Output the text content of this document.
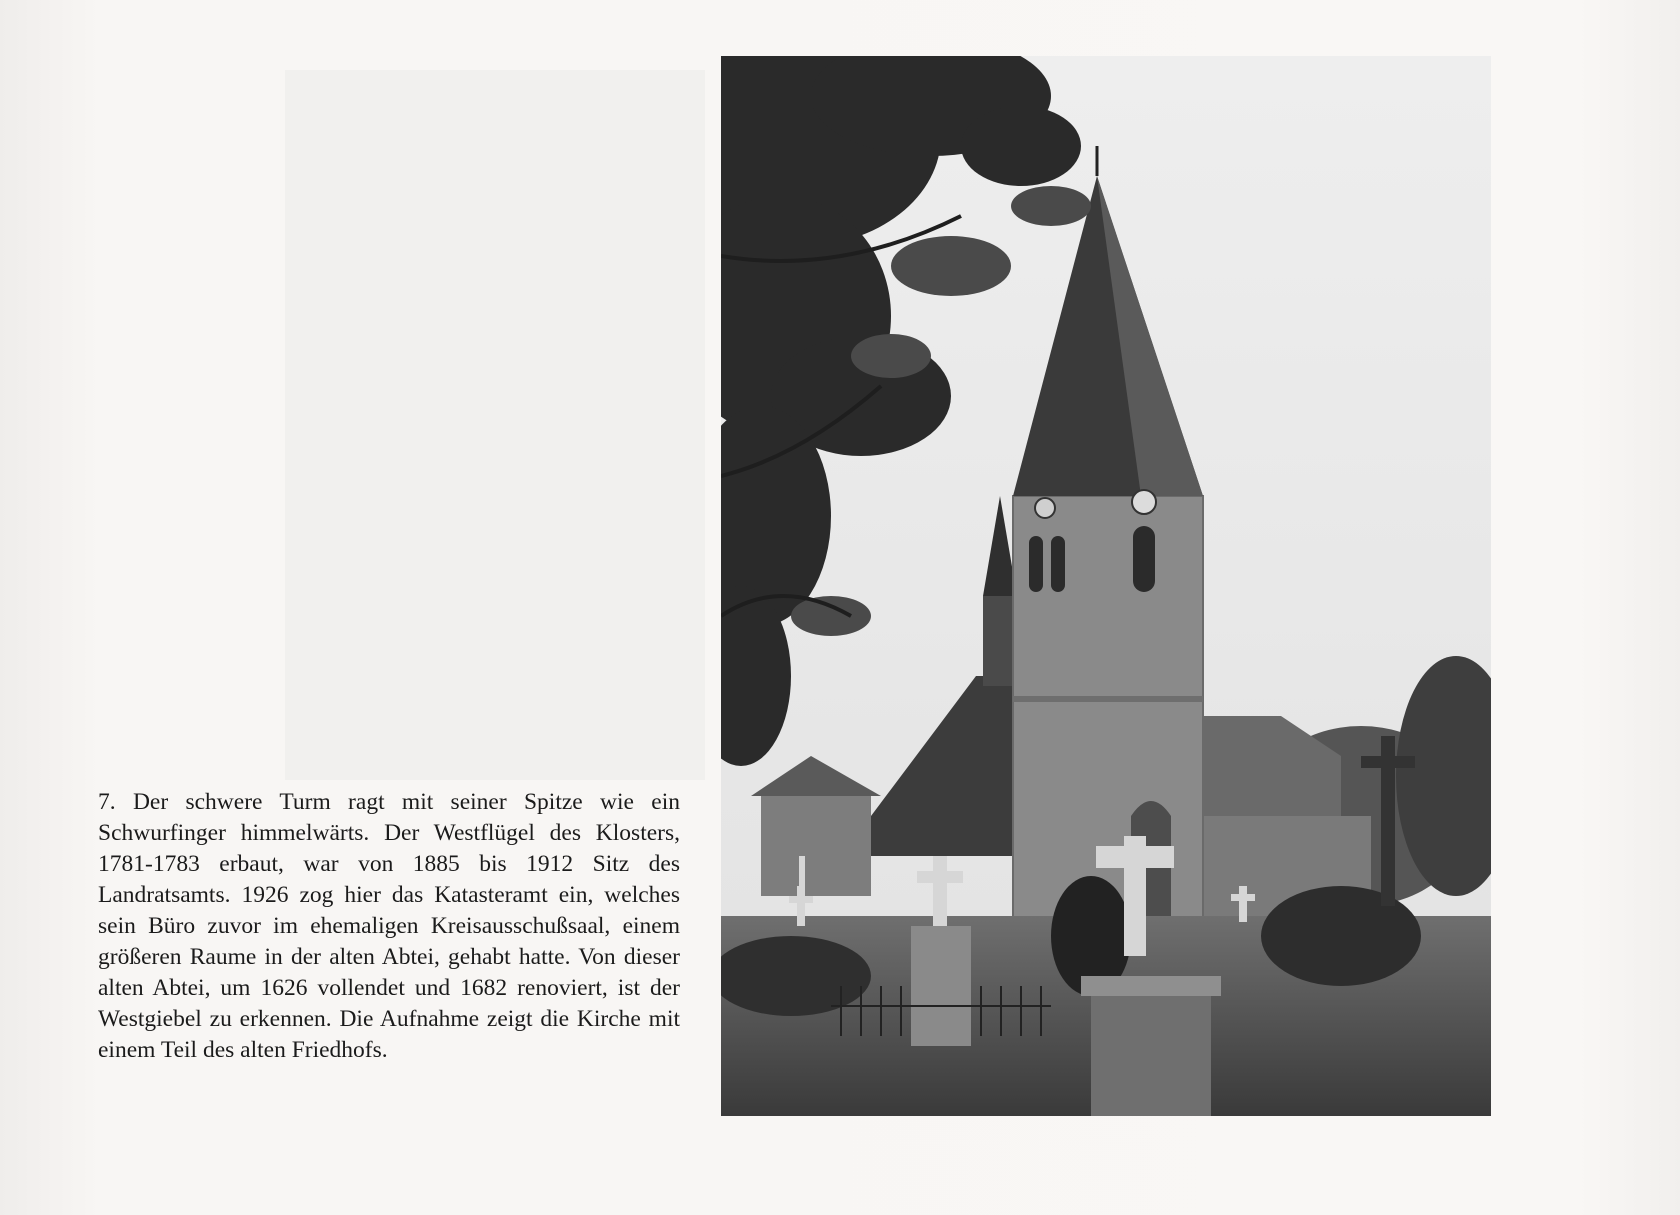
7. Der schwere Turm ragt mit seiner Spitze wie ein Schwurfinger himmelwärts. Der Westflügel des Klosters, 1781-1783 erbaut, war von 1885 bis 1912 Sitz des Landratsamts. 1926 zog hier das Katasteramt ein, welches sein Büro zuvor im ehemaligen Kreisausschußsaal, einem größeren Raume in der alten Abtei, gehabt hatte. Von dieser alten Abtei, um 1626 vollendet und 1682 renoviert, ist der Westgiebel zu erkennen. Die Aufnahme zeigt die Kirche mit einem Teil des alten Friedhofs.
